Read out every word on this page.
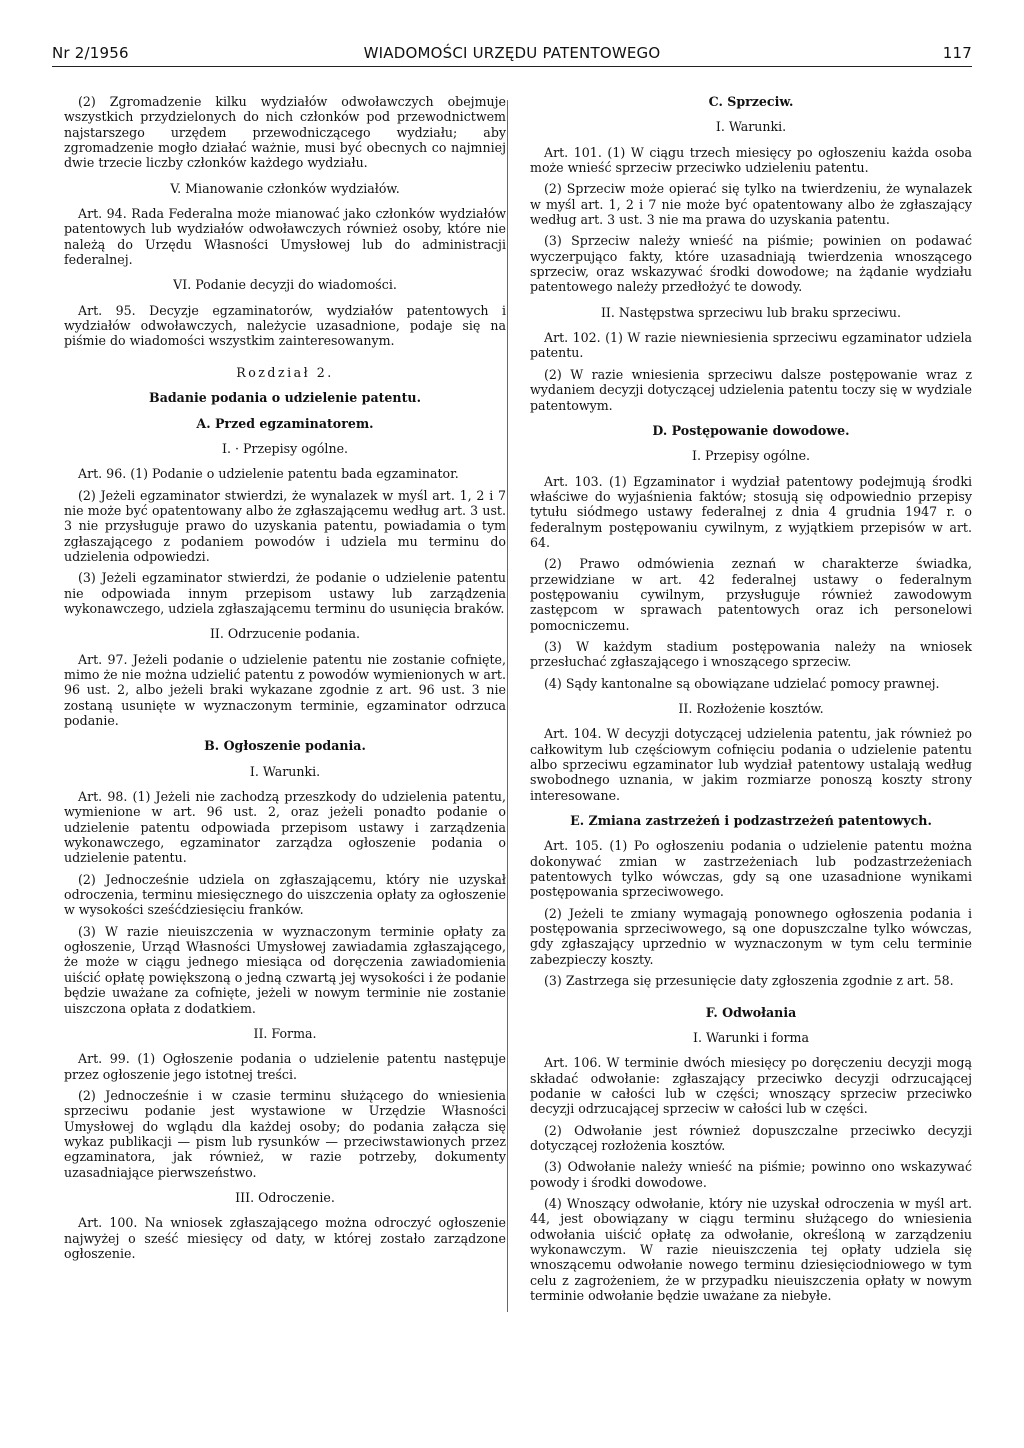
Nr 2/1956	WIADOMOŚCI URZĘDU PATENTOWEGO	117

(2) Zgromadzenie kilku wydziałów odwoławczych obejmuje wszystkich przydzielonych do nich członków pod przewodnictwem najstarszego urzędem przewodniczącego wydziału; aby zgromadzenie mogło działać ważnie, musi być obecnych co najmniej dwie trzecie liczby członków każdego wydziału.

V. Mianowanie członków wydziałów.

Art. 94. Rada Federalna może mianować jako członków wydziałów patentowych lub wydziałów odwoławczych również osoby, które nie należą do Urzędu Własności Umysłowej lub do administracji federalnej.

VI. Podanie decyzji do wiadomości.

Art. 95. Decyzje egzaminatorów, wydziałów patentowych i wydziałów odwoławczych, należycie uzasadnione, podaje się na piśmie do wiadomości wszystkim zainteresowanym.

Rozdział 2.

Badanie podania o udzielenie patentu.

A. Przed egzaminatorem.

I. · Przepisy ogólne.

Art. 96. (1) Podanie o udzielenie patentu bada egzaminator.

(2) Jeżeli egzaminator stwierdzi, że wynalazek w myśl art. 1, 2 i 7 nie może być opatentowany albo że zgłaszającemu według art. 3 ust. 3 nie przysługuje prawo do uzyskania patentu, powiadamia o tym zgłaszającego z podaniem powodów i udziela mu terminu do udzielenia odpowiedzi.

(3) Jeżeli egzaminator stwierdzi, że podanie o udzielenie patentu nie odpowiada innym przepisom ustawy lub zarządzenia wykonawczego, udziela zgłaszającemu terminu do usunięcia braków.

II. Odrzucenie podania.

Art. 97. Jeżeli podanie o udzielenie patentu nie zostanie cofnięte, mimo że nie można udzielić patentu z powodów wymienionych w art. 96 ust. 2, albo jeżeli braki wykazane zgodnie z art. 96 ust. 3 nie zostaną usunięte w wyznaczonym terminie, egzaminator odrzuca podanie.

B. Ogłoszenie podania.

I. Warunki.

Art. 98. (1) Jeżeli nie zachodzą przeszkody do udzielenia patentu, wymienione w art. 96 ust. 2, oraz jeżeli ponadto podanie o udzielenie patentu odpowiada przepisom ustawy i zarządzenia wykonawczego, egzaminator zarządza ogłoszenie podania o udzielenie patentu.

(2) Jednocześnie udziela on zgłaszającemu, który nie uzyskał odroczenia, terminu miesięcznego do uiszczenia opłaty za ogłoszenie w wysokości sześćdziesięciu franków.

(3) W razie nieuiszczenia w wyznaczonym terminie opłaty za ogłoszenie, Urząd Własności Umysłowej zawiadamia zgłaszającego, że może w ciągu jednego miesiąca od doręczenia zawiadomienia uiścić opłatę powiększoną o jedną czwartą jej wysokości i że podanie będzie uważane za cofnięte, jeżeli w nowym terminie nie zostanie uiszczona opłata z dodatkiem.

II. Forma.

Art. 99. (1) Ogłoszenie podania o udzielenie patentu następuje przez ogłoszenie jego istotnej treści.

(2) Jednocześnie i w czasie terminu służącego do wniesienia sprzeciwu podanie jest wystawione w Urzędzie Własności Umysłowej do wglądu dla każdej osoby; do podania załącza się wykaz publikacji — pism lub rysunków — przeciwstawionych przez egzaminatora, jak również, w razie potrzeby, dokumenty uzasadniające pierwszeństwo.

III. Odroczenie.

Art. 100. Na wniosek zgłaszającego można odroczyć ogłoszenie najwyżej o sześć miesięcy od daty, w której zostało zarządzone ogłoszenie.

C. Sprzeciw.

I. Warunki.

Art. 101. (1) W ciągu trzech miesięcy po ogłoszeniu każda osoba może wnieść sprzeciw przeciwko udzieleniu patentu.

(2) Sprzeciw może opierać się tylko na twierdzeniu, że wynalazek w myśl art. 1, 2 i 7 nie może być opatentowany albo że zgłaszający według art. 3 ust. 3 nie ma prawa do uzyskania patentu.

(3) Sprzeciw należy wnieść na piśmie; powinien on podawać wyczerpująco fakty, które uzasadniają twierdzenia wnoszącego sprzeciw, oraz wskazywać środki dowodowe; na żądanie wydziału patentowego należy przedłożyć te dowody.

II. Następstwa sprzeciwu lub braku sprzeciwu.

Art. 102. (1) W razie niewniesienia sprzeciwu egzaminator udziela patentu.

(2) W razie wniesienia sprzeciwu dalsze postępowanie wraz z wydaniem decyzji dotyczącej udzielenia patentu toczy się w wydziale patentowym.

D. Postępowanie dowodowe.

I. Przepisy ogólne.

Art. 103. (1) Egzaminator i wydział patentowy podejmują środki właściwe do wyjaśnienia faktów; stosują się odpowiednio przepisy tytułu siódmego ustawy federalnej z dnia 4 grudnia 1947 r. o federalnym postępowaniu cywilnym, z wyjątkiem przepisów w art. 64.

(2) Prawo odmówienia zeznań w charakterze świadka, przewidziane w art. 42 federalnej ustawy o federalnym postępowaniu cywilnym, przysługuje również zawodowym zastępcom w sprawach patentowych oraz ich personelowi pomocniczemu.

(3) W każdym stadium postępowania należy na wniosek przesłuchać zgłaszającego i wnoszącego sprzeciw.

(4) Sądy kantonalne są obowiązane udzielać pomocy prawnej.

II. Rozłożenie kosztów.

Art. 104. W decyzji dotyczącej udzielenia patentu, jak również po całkowitym lub częściowym cofnięciu podania o udzielenie patentu albo sprzeciwu egzaminator lub wydział patentowy ustalają według swobodnego uznania, w jakim rozmiarze ponoszą koszty strony interesowane.

E. Zmiana zastrzeżeń i podzastrzeżeń patentowych.

Art. 105. (1) Po ogłoszeniu podania o udzielenie patentu można dokonywać zmian w zastrzeżeniach lub podzastrzeżeniach patentowych tylko wówczas, gdy są one uzasadnione wynikami postępowania sprzeciwowego.

(2) Jeżeli te zmiany wymagają ponownego ogłoszenia podania i postępowania sprzeciwowego, są one dopuszczalne tylko wówczas, gdy zgłaszający uprzednio w wyznaczonym w tym celu terminie zabezpieczy koszty.

(3) Zastrzega się przesunięcie daty zgłoszenia zgodnie z art. 58.

F. Odwołania

I. Warunki i forma

Art. 106. W terminie dwóch miesięcy po doręczeniu decyzji mogą składać odwołanie: zgłaszający przeciwko decyzji odrzucającej podanie w całości lub w części; wnoszący sprzeciw przeciwko decyzji odrzucającej sprzeciw w całości lub w części.

(2) Odwołanie jest również dopuszczalne przeciwko decyzji dotyczącej rozłożenia kosztów.

(3) Odwołanie należy wnieść na piśmie; powinno ono wskazywać powody i środki dowodowe.

(4) Wnoszący odwołanie, który nie uzyskał odroczenia w myśl art. 44, jest obowiązany w ciągu terminu służącego do wniesienia odwołania uiścić opłatę za odwołanie, określoną w zarządzeniu wykonawczym. W razie nieuiszczenia tej opłaty udziela się wnoszącemu odwołanie nowego terminu dziesięciodniowego w tym celu z zagrożeniem, że w przypadku nieuiszczenia opłaty w nowym terminie odwołanie będzie uważane za niebyłe.
